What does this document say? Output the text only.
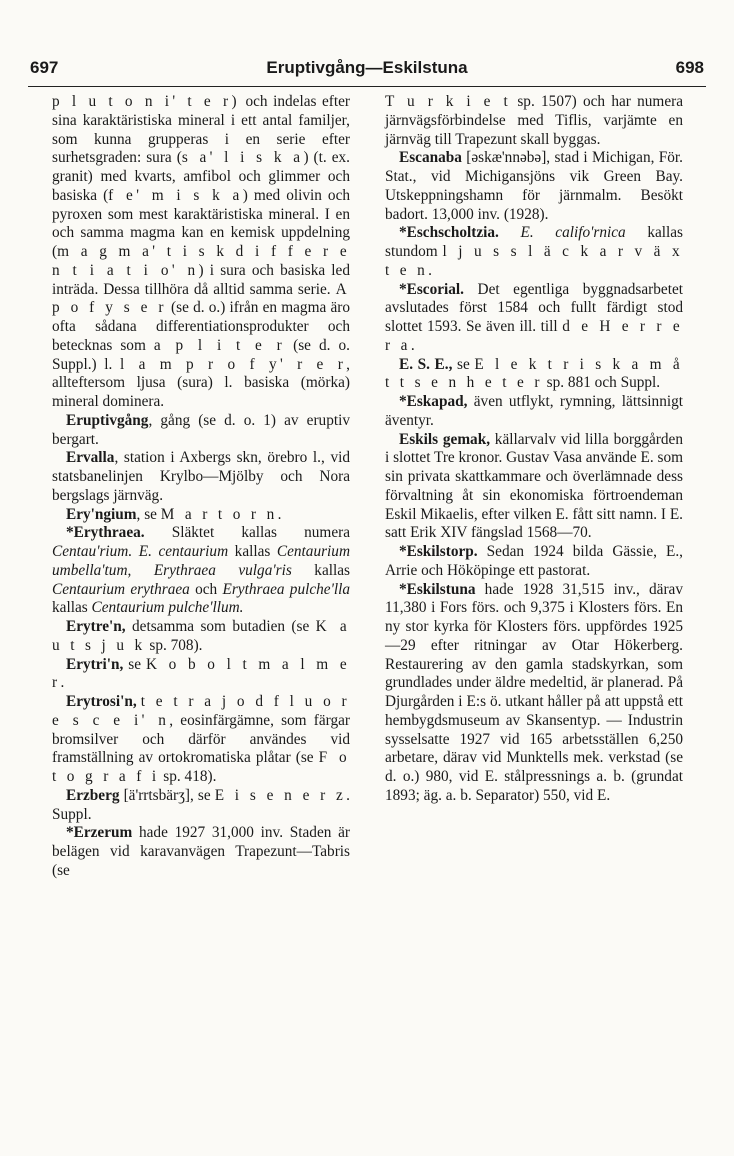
697	Eruptivgång—Eskilstuna	698

p l u t o n i' t e r) och indelas efter sina karaktäristiska mineral i ett antal familjer, som kunna grupperas i en serie efter surhetsgraden: sura (s a' l i s k a) (t. ex. granit) med kvarts, amfibol och glimmer och basiska (f e' m i s k a) med olivin och pyroxen som mest karaktäristiska mineral. I en och samma magma kan en kemisk uppdelning (m a g m a' t i s k d i f f e r e n t i a t i o' n) i sura och basiska led inträda. Dessa tillhöra då alltid samma serie. A p o f y s e r (se d. o.) ifrån en magma äro ofta sådana differentiationsprodukter och betecknas som a p l i t e r (se d. o. Suppl.) l. l a m p r o f y' r e r, allteftersom ljusa (sura) l. basiska (mörka) mineral dominera.

Eruptivgång, gång (se d. o. 1) av eruptiv bergart.

Ervalla, station i Axbergs skn, örebro l., vid statsbanelinjen Krylbo—Mjölby och Nora bergslags järnväg.

Ery'ngium, se M a r t o r n.

*Erythraea. Släktet kallas numera Centau'rium. E. centaurium kallas Centaurium umbella'tum, Erythraea vulga'ris kallas Centaurium erythraea och Erythraea pulche'lla kallas Centaurium pulche'llum.

Erytre'n, detsamma som butadien (se K a u t s j u k sp. 708).

Erytri'n, se K o b o l t m a l m e r.

Erytrosi'n, t e t r a j o d f l u o r e s c e i' n, eosinfärgämne, som färgar bromsilver och därför användes vid framställning av ortokromatiska plåtar (se F o t o g r a f i sp. 418).

Erzberg [ä'rrtsbärʒ], se E i s e n e r z. Suppl.

*Erzerum hade 1927 31,000 inv. Staden är belägen vid karavanvägen Trapezunt—Tabris (se

T u r k i e t sp. 1507) och har numera järnvägsförbindelse med Tiflis, varjämte en järnväg till Trapezunt skall byggas.

Escanaba [əskæ'nnəbə], stad i Michigan, För. Stat., vid Michigansjöns vik Green Bay. Utskeppningshamn för järnmalm. Besökt badort. 13,000 inv. (1928).

*Eschscholtzia. E. califo'rnica kallas stundom l j u s s l ä c k a r v ä x t e n.

*Escorial. Det egentliga byggnadsarbetet avslutades först 1584 och fullt färdigt stod slottet 1593. Se även ill. till d e H e r r e r a.

E. S. E., se E l e k t r i s k a m å t t s e n h e t e r sp. 881 och Suppl.

*Eskapad, även utflykt, rymning, lättsinnigt äventyr.

Eskils gemak, källarvalv vid lilla borggården i slottet Tre kronor. Gustav Vasa använde E. som sin privata skattkammare och överlämnade dess förvaltning åt sin ekonomiska förtroendeman Eskil Mikaelis, efter vilken E. fått sitt namn. I E. satt Erik XIV fängslad 1568—70.

*Eskilstorp. Sedan 1924 bilda Gässie, E., Arrie och Hököpinge ett pastorat.

*Eskilstuna hade 1928 31,515 inv., därav 11,380 i Fors förs. och 9,375 i Klosters förs. En ny stor kyrka för Klosters förs. uppfördes 1925—29 efter ritningar av Otar Hökerberg. Restaurering av den gamla stadskyrkan, som grundlades under äldre medeltid, är planerad. På Djurgården i E:s ö. utkant håller på att uppstå ett hembygdsmuseum av Skansentyp. — Industrin sysselsatte 1927 vid 165 arbetsställen 6,250 arbetare, därav vid Munktells mek. verkstad (se d. o.) 980, vid E. stålpressnings a. b. (grundat 1893; äg. a. b. Separator) 550, vid E.
